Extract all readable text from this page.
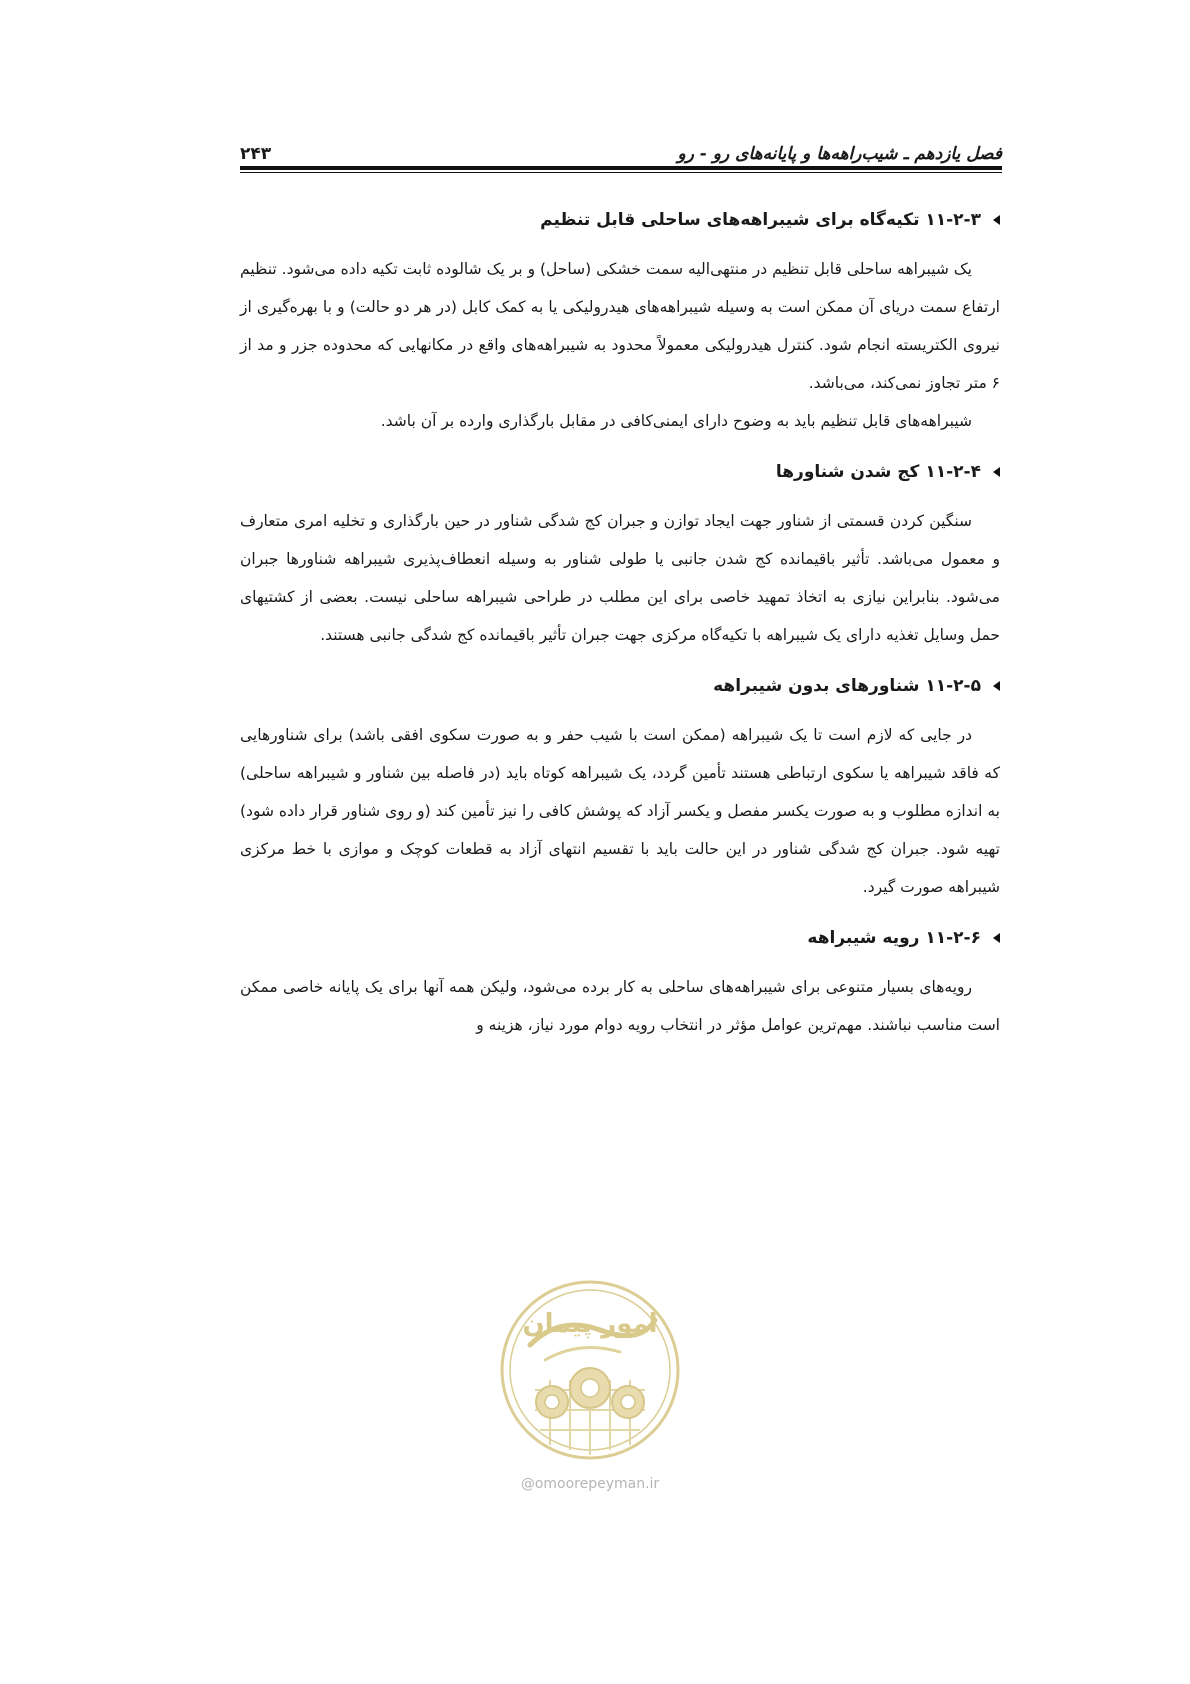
فصل یازدهم ـ شیب‌راهه‌ها و پایانه‌های رو - رو
۲۴۳
۱۱-۲-۳ تکیه‌گاه برای شیبراهه‌های ساحلی قابل تنظیم

یک شیبراهه ساحلی قابل تنظیم در منتهی‌الیه سمت خشکی (ساحل) و بر یک شالوده ثابت تکیه داده می‌شود. تنظیم ارتفاع سمت دریای آن ممکن است به وسیله شیبراهه‌های هیدرولیکی یا به کمک کابل (در هر دو حالت) و با بهره‌گیری از نیروی الکتریسته انجام شود. کنترل هیدرولیکی معمولاً محدود به شیبراهه‌های واقع در مکانهایی که محدوده جزر و مد از ۶ متر تجاوز نمی‌کند، می‌باشد.

شیبراهه‌های قابل تنظیم باید به وضوح دارای ایمنی‌کافی در مقابل بارگذاری وارده بر آن باشد.

۱۱-۲-۴ کج شدن شناورها

سنگین کردن قسمتی از شناور جهت ایجاد توازن و جبران کج شدگی شناور در حین بارگذاری و تخلیه امری متعارف و معمول می‌باشد. تأثیر باقیمانده کج شدن جانبی یا طولی شناور به وسیله انعطاف‌پذیری شیبراهه شناورها جبران می‌شود. بنابراین نیازی به اتخاذ تمهید خاصی برای این مطلب در طراحی شیبراهه ساحلی نیست. بعضی از کشتیهای حمل وسایل تغذیه دارای یک شیبراهه با تکیه‌گاه مرکزی جهت جبران تأثیر باقیمانده کج شدگی جانبی هستند.

۱۱-۲-۵ شناورهای بدون شیبراهه

در جایی که لازم است تا یک شیبراهه (ممکن است با شیب حفر و به صورت سکوی افقی باشد) برای شناورهایی که فاقد شیبراهه یا سکوی ارتباطی هستند تأمین گردد، یک شیبراهه کوتاه باید (در فاصله بین شناور و شیبراهه ساحلی) به اندازه مطلوب و به صورت یکسر مفصل و یکسر آزاد که پوشش کافی را نیز تأمین کند (و روی شناور قرار داده شود) تهیه شود. جبران کج شدگی شناور در این حالت باید با تقسیم انتهای آزاد به قطعات کوچک و موازی با خط مرکزی شیبراهه صورت گیرد.

۱۱-۲-۶ رویه شیبراهه

رویه‌های بسیار متنوعی برای شیبراهه‌های ساحلی به کار برده می‌شود، ولیکن همه آنها برای یک پایانه خاصی ممکن است مناسب نباشند. مهم‌ترین عوامل مؤثر در انتخاب رویه دوام مورد نیاز، هزینه و

امور پیمان
@omoorepeyman.ir
